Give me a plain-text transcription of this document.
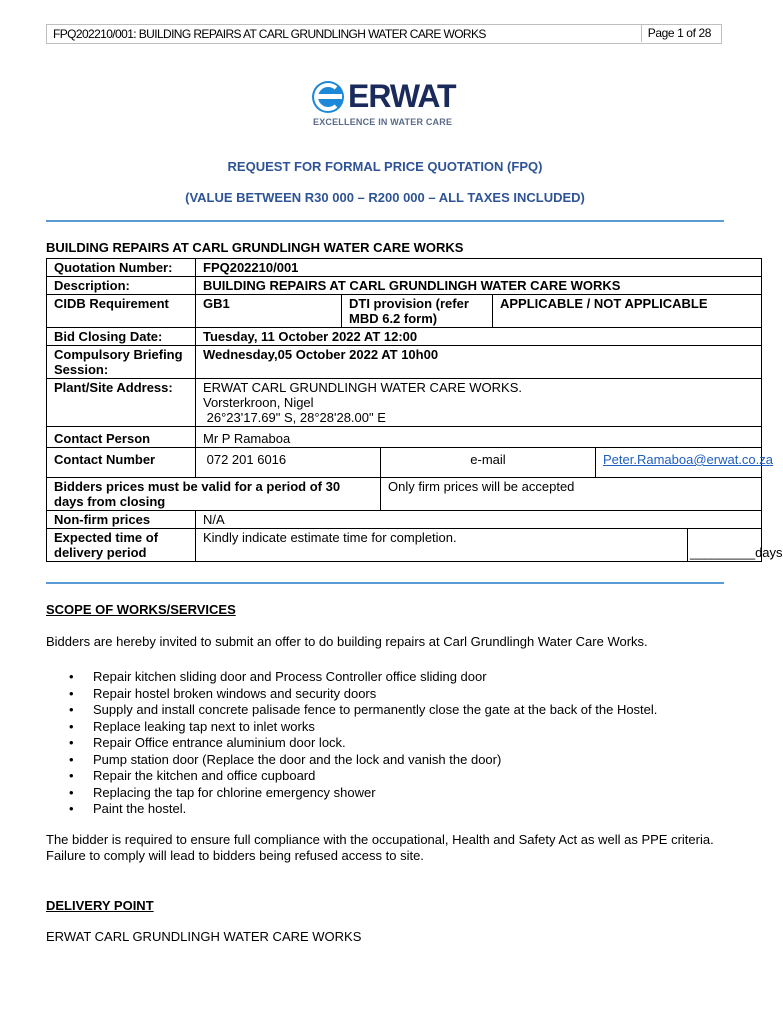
FPQ202210/001: BUILDING REPAIRS AT CARL GRUNDLINGH WATER CARE WORKS	Page 1 of 28
ERWAT
EXCELLENCE IN WATER CARE
REQUEST FOR FORMAL PRICE QUOTATION (FPQ)
(VALUE BETWEEN R30 000 – R200 000 – ALL TAXES INCLUDED)
BUILDING REPAIRS AT CARL GRUNDLINGH WATER CARE WORKS
Quotation Number:	FPQ202210/001					
Description:	BUILDING REPAIRS AT CARL GRUNDLINGH WATER CARE WORKS					
CIDB Requirement	GB1	DTI provision (refer MBD 6.2 form)		APPLICABLE / NOT APPLICABLE		
Bid Closing Date:	Tuesday, 11 October 2022 AT 12:00					
Compulsory Briefing Session:	Wednesday,05 October 2022 AT 10h00					
Plant/Site Address:	ERWAT CARL GRUNDLINGH WATER CARE WORKS.
Vorsterkroon, Nigel
26°23'17.69" S, 28°28'28.00" E					

Contact Person	Mr P Ramaboa					
Contact Number	072 201 6016		e-mail		Peter.Ramaboa@erwat.co.za	
Bidders prices must be valid for a period of 30 days from closing			Only firm prices will be accepted			
Non-firm prices	N/A					
Expected time of delivery period	Kindly indicate estimate time for completion.					_________days
SCOPE OF WORKS/SERVICES
Bidders are hereby invited to submit an offer to do building repairs at Carl Grundlingh Water Care Works.
• Repair kitchen sliding door and Process Controller office sliding door
• Repair hostel broken windows and security doors
• Supply and install concrete palisade fence to permanently close the gate at the back of the Hostel.
• Replace leaking tap next to inlet works
• Repair Office entrance aluminium door lock.
• Pump station door (Replace the door and the lock and vanish the door)
• Repair the kitchen and office cupboard
• Replacing the tap for chlorine emergency shower
• Paint the hostel.
The bidder is required to ensure full compliance with the occupational, Health and Safety Act as well as PPE criteria. Failure to comply will lead to bidders being refused access to site.
DELIVERY POINT
ERWAT CARL GRUNDLINGH WATER CARE WORKS
